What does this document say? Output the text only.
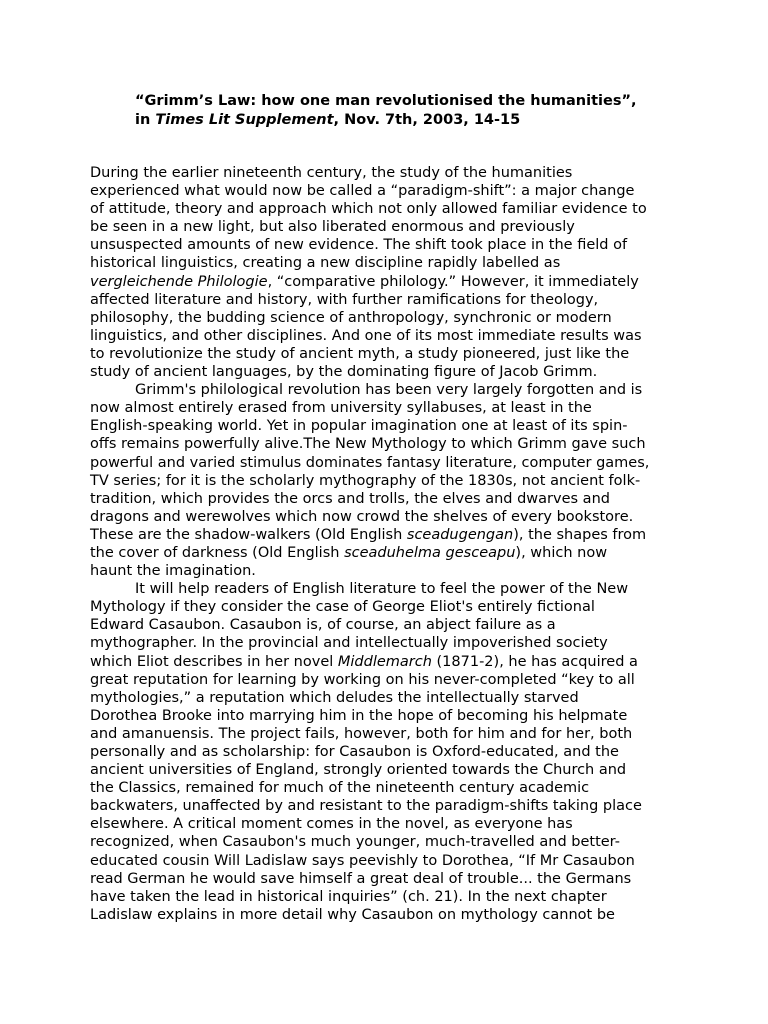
“Grimm’s Law: how one man revolutionised the humanities”,
in Times Lit Supplement, Nov. 7th, 2003, 14-15
During the earlier nineteenth century, the study of the humanities
experienced what would now be called a “paradigm-shift”: a major change
of attitude, theory and approach which not only allowed familiar evidence to
be seen in a new light, but also liberated enormous and previously
unsuspected amounts of new evidence. The shift took place in the field of
historical linguistics, creating a new discipline rapidly labelled as
vergleichende Philologie, “comparative philology.” However, it immediately
affected literature and history, with further ramifications for theology,
philosophy, the budding science of anthropology, synchronic or modern
linguistics, and other disciplines. And one of its most immediate results was
to revolutionize the study of ancient myth, a study pioneered, just like the
study of ancient languages, by the dominating figure of Jacob Grimm.
Grimm's philological revolution has been very largely forgotten and is
now almost entirely erased from university syllabuses, at least in the
English-speaking world. Yet in popular imagination one at least of its spin-
offs remains powerfully alive.The New Mythology to which Grimm gave such
powerful and varied stimulus dominates fantasy literature, computer games,
TV series; for it is the scholarly mythography of the 1830s, not ancient folk-
tradition, which provides the orcs and trolls, the elves and dwarves and
dragons and werewolves which now crowd the shelves of every bookstore.
These are the shadow-walkers (Old English sceadugengan), the shapes from
the cover of darkness (Old English sceaduhelma gesceapu), which now
haunt the imagination.
It will help readers of English literature to feel the power of the New
Mythology if they consider the case of George Eliot's entirely fictional
Edward Casaubon. Casaubon is, of course, an abject failure as a
mythographer. In the provincial and intellectually impoverished society
which Eliot describes in her novel Middlemarch (1871-2), he has acquired a
great reputation for learning by working on his never-completed “key to all
mythologies,” a reputation which deludes the intellectually starved
Dorothea Brooke into marrying him in the hope of becoming his helpmate
and amanuensis. The project fails, however, both for him and for her, both
personally and as scholarship: for Casaubon is Oxford-educated, and the
ancient universities of England, strongly oriented towards the Church and
the Classics, remained for much of the nineteenth century academic
backwaters, unaffected by and resistant to the paradigm-shifts taking place
elsewhere. A critical moment comes in the novel, as everyone has
recognized, when Casaubon's much younger, much-travelled and better-
educated cousin Will Ladislaw says peevishly to Dorothea, “If Mr Casaubon
read German he would save himself a great deal of trouble... the Germans
have taken the lead in historical inquiries” (ch. 21). In the next chapter
Ladislaw explains in more detail why Casaubon on mythology cannot be
